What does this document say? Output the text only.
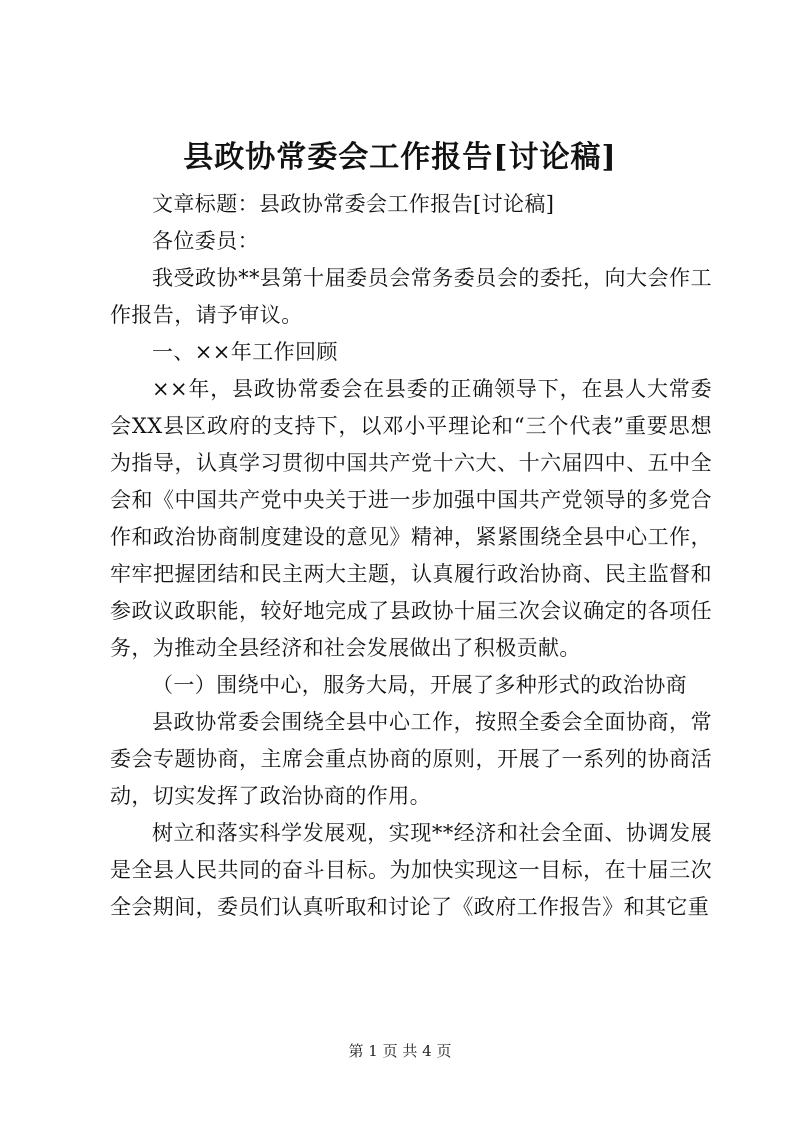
县政协常委会工作报告[讨论稿]

文章标题：县政协常委会工作报告[讨论稿]

各位委员：

我受政协**县第十届委员会常务委员会的委托，向大会作工作报告，请予审议。

一、××年工作回顾

××年，县政协常委会在县委的正确领导下，在县人大常委会XX县区政府的支持下，以邓小平理论和“三个代表”重要思想为指导，认真学习贯彻中国共产党十六大、十六届四中、五中全会和《中国共产党中央关于进一步加强中国共产党领导的多党合作和政治协商制度建设的意见》精神，紧紧围绕全县中心工作，牢牢把握团结和民主两大主题，认真履行政治协商、民主监督和参政议政职能，较好地完成了县政协十届三次会议确定的各项任务，为推动全县经济和社会发展做出了积极贡献。

（一）围绕中心，服务大局，开展了多种形式的政治协商

县政协常委会围绕全县中心工作，按照全委会全面协商，常委会专题协商，主席会重点协商的原则，开展了一系列的协商活动，切实发挥了政治协商的作用。

树立和落实科学发展观，实现**经济和社会全面、协调发展是全县人民共同的奋斗目标。为加快实现这一目标，在十届三次全会期间，委员们认真听取和讨论了《政府工作报告》和其它重

第 1 页 共 4 页
